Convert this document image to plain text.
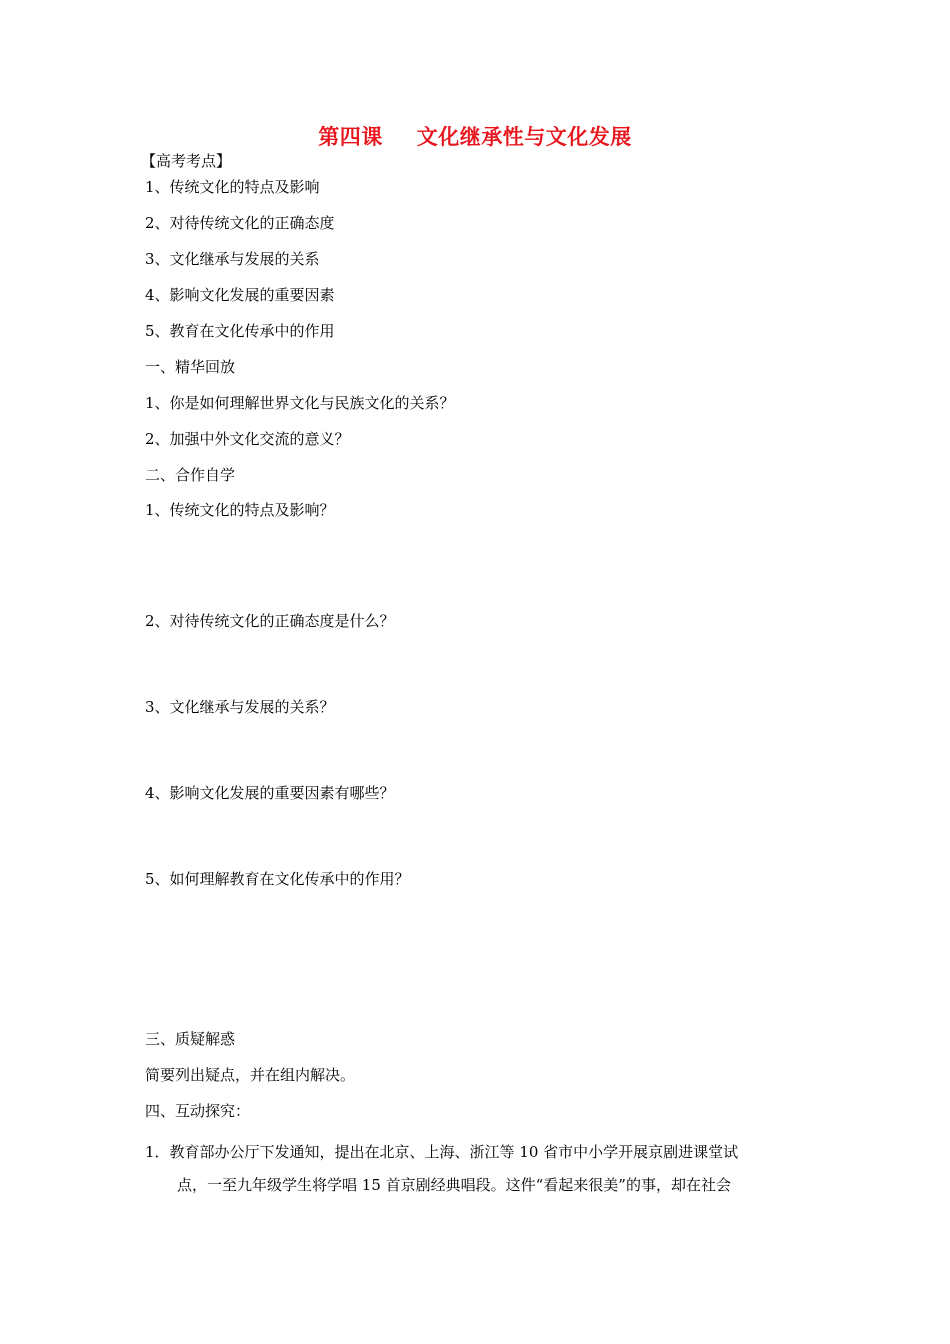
第四课 文化继承性与文化发展
【高考考点】
1、传统文化的特点及影响
2、对待传统文化的正确态度
3、文化继承与发展的关系
4、影响文化发展的重要因素
5、教育在文化传承中的作用
一、精华回放
1、你是如何理解世界文化与民族文化的关系？
2、加强中外文化交流的意义？
二、合作自学
1、传统文化的特点及影响？
2、对待传统文化的正确态度是什么？
3、文化继承与发展的关系？
4、影响文化发展的重要因素有哪些？
5、如何理解教育在文化传承中的作用？
三、质疑解惑
简要列出疑点，并在组内解决。
四、互动探究：
1．教育部办公厅下发通知，提出在北京、上海、浙江等 10 省市中小学开展京剧进课堂试
点，一至九年级学生将学唱 15 首京剧经典唱段。这件“看起来很美”的事，却在社会
